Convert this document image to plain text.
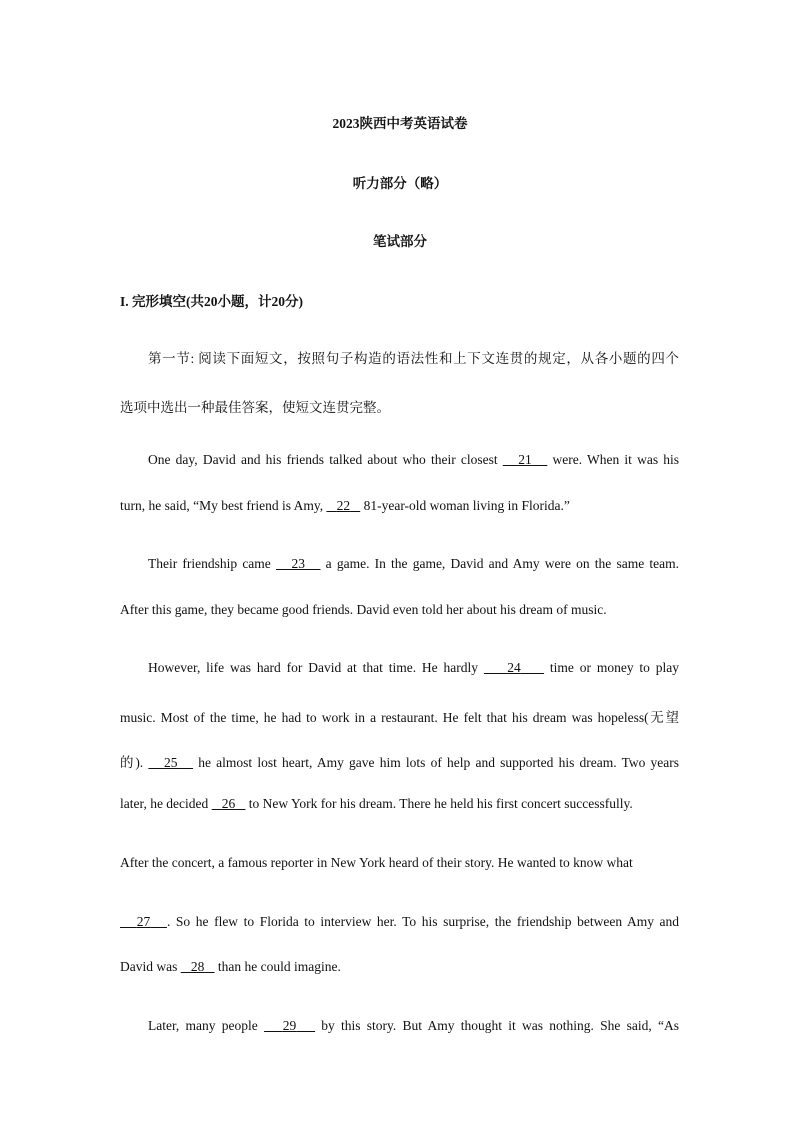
2023陕西中考英语试卷
听力部分（略）
笔试部分
I. 完形填空(共20小题，计20分)
第一节: 阅读下面短文，按照句子构造的语法性和上下文连贯的规定，从各小题的四个
选项中选出一种最佳答案，使短文连贯完整。
One day, David and his friends talked about who their closest 21 were. When it was his
turn, he said, “My best friend is Amy, 22 81-year-old woman living in Florida.”
Their friendship came 23 a game. In the game, David and Amy were on the same team.
After this game, they became good friends. David even told her about his dream of music.
However, life was hard for David at that time. He hardly 24 time or money to play
music. Most of the time, he had to work in a restaurant. He felt that his dream was hopeless(无望
的). 25 he almost lost heart, Amy gave him lots of help and supported his dream. Two years
later, he decided 26 to New York for his dream. There he held his first concert successfully.
After the concert, a famous reporter in New York heard of their story. He wanted to know what
27 . So he flew to Florida to interview her. To his surprise, the friendship between Amy and
David was 28 than he could imagine.
Later, many people 29 by this story. But Amy thought it was nothing. She said, “As
